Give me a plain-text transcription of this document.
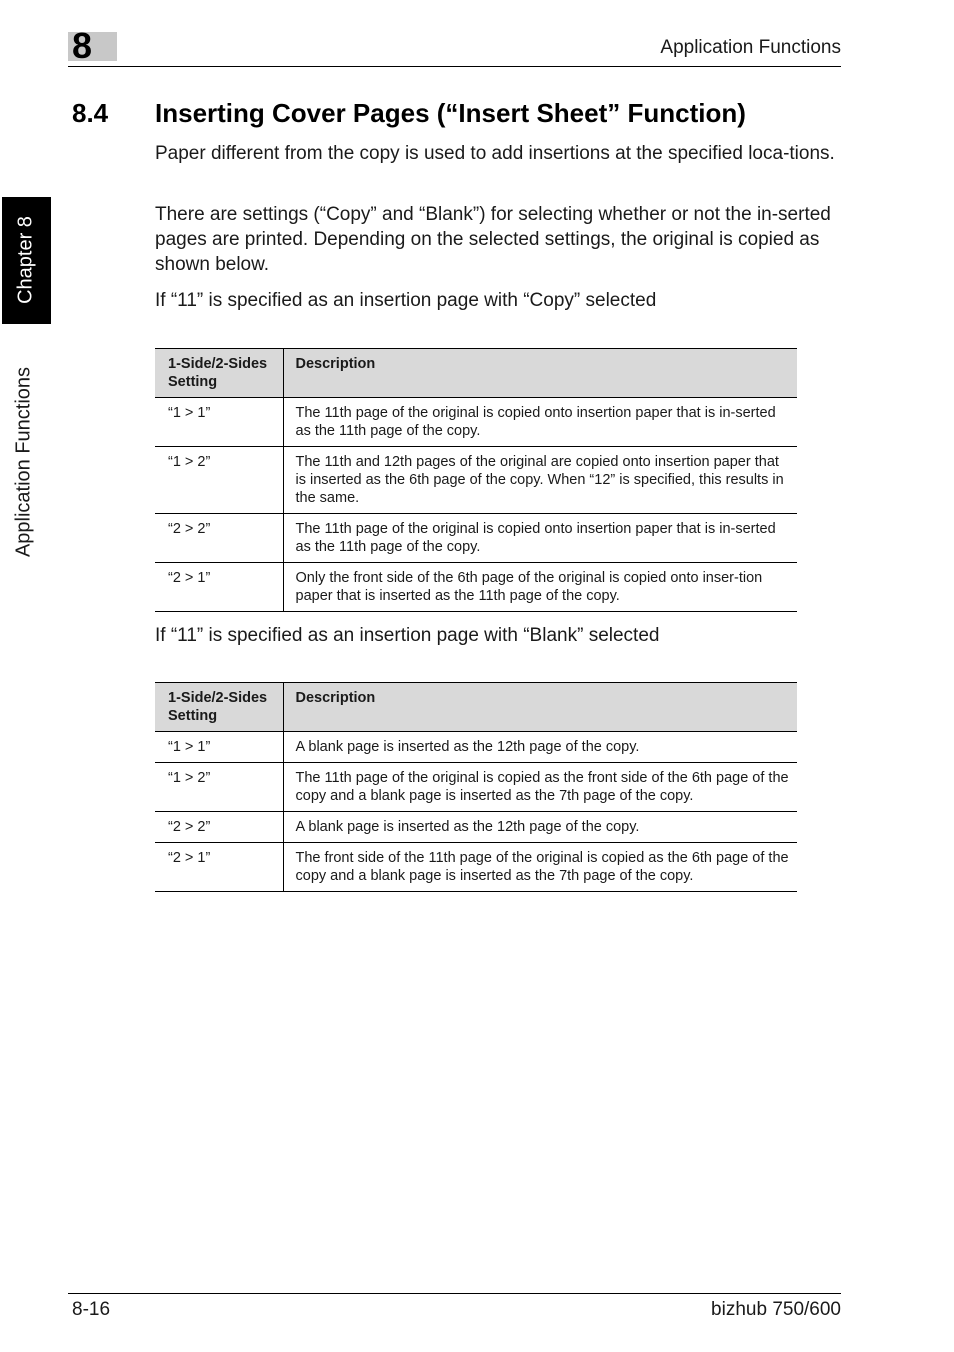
8	Application Functions
Chapter 8
Application Functions
8.4 Inserting Cover Pages (“Insert Sheet” Function)
Paper different from the copy is used to add insertions at the specified loca-tions.
There are settings (“Copy” and “Blank”) for selecting whether or not the in-serted pages are printed. Depending on the selected settings, the original is copied as shown below.
If “11” is specified as an insertion page with “Copy” selected
1-Side/2-Sides Setting	Description
“1 > 1”	The 11th page of the original is copied onto insertion paper that is in-serted as the 11th page of the copy.
“1 > 2”	The 11th and 12th pages of the original are copied onto insertion paper that is inserted as the 6th page of the copy. When “12” is specified, this results in the same.
“2 > 2”	The 11th page of the original is copied onto insertion paper that is in-serted as the 11th page of the copy.
“2 > 1”	Only the front side of the 6th page of the original is copied onto inser-tion paper that is inserted as the 11th page of the copy.
If “11” is specified as an insertion page with “Blank” selected
1-Side/2-Sides Setting	Description
“1 > 1”	A blank page is inserted as the 12th page of the copy.
“1 > 2”	The 11th page of the original is copied as the front side of the 6th page of the copy and a blank page is inserted as the 7th page of the copy.
“2 > 2”	A blank page is inserted as the 12th page of the copy.
“2 > 1”	The front side of the 11th page of the original is copied as the 6th page of the copy and a blank page is inserted as the 7th page of the copy.
8-16	bizhub 750/600
